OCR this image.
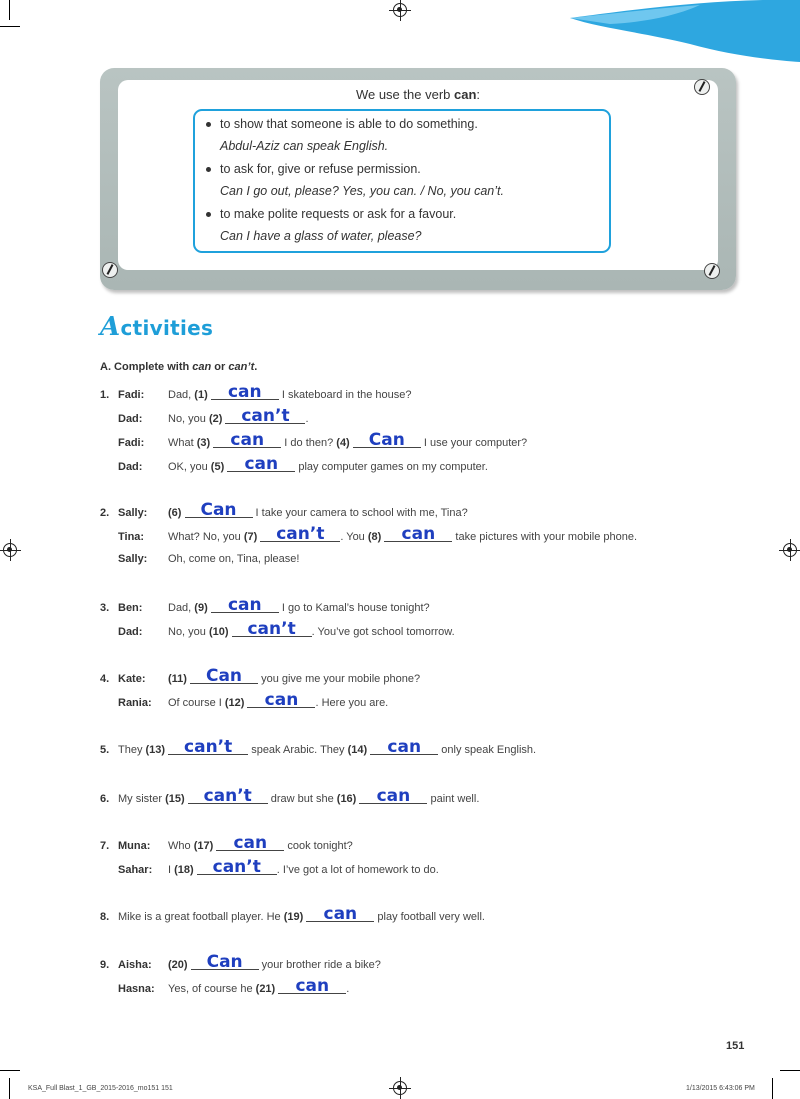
We use the verb can:
to show that someone is able to do something.
Abdul-Aziz can speak English.
to ask for, give or refuse permission.
Can I go out, please? Yes, you can. / No, you can’t.
to make polite requests or ask for a favour.
Can I have a glass of water, please?
Activities
A. Complete with can or can’t.
1. Fadi: Dad, (1) can I skateboard in the house?
Dad: No, you (2) can’t .
Fadi: What (3) can I do then? (4) Can I use your computer?
Dad: OK, you (5) can play computer games on my computer.
2. Sally: (6) Can I take your camera to school with me, Tina?
Tina: What? No, you (7) can’t . You (8) can take pictures with your mobile phone.
Sally: Oh, come on, Tina, please!
3. Ben: Dad, (9) can I go to Kamal’s house tonight?
Dad: No, you (10) can’t . You’ve got school tomorrow.
4. Kate: (11) Can you give me your mobile phone?
Rania: Of course I (12) can . Here you are.
5. They (13) can’t speak Arabic. They (14) can only speak English.
6. My sister (15) can’t draw but she (16) can paint well.
7. Muna: Who (17) can cook tonight?
Sahar: I (18) can’t . I’ve got a lot of homework to do.
8. Mike is a great football player. He (19) can play football very well.
9. Aisha: (20) Can your brother ride a bike?
Hasna: Yes, of course he (21) can .
151
KSA_Full Blast_1_GB_2015-2016_mo151 151	1/13/2015 6:43:06 PM
